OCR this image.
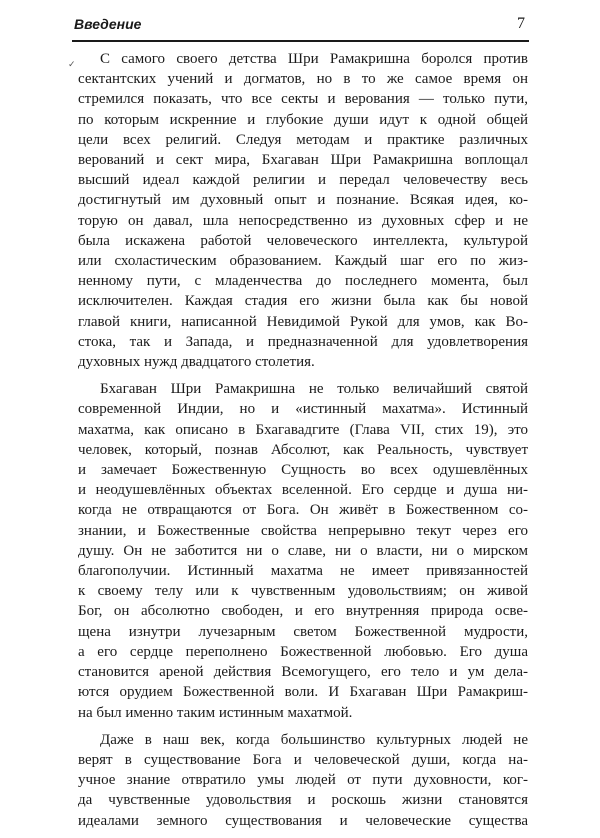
Введение	7
✓	С самого своего детства Шри Рамакришна боролся против
сектантских учений и догматов, но в то же самое время он
стремился показать, что все секты и верования — только пути,
по которым искренние и глубокие души идут к одной общей
цели всех религий. Следуя методам и практике различных
верований и сект мира, Бхагаван Шри Рамакришна воплощал
высший идеал каждой религии и передал человечеству весь
достигнутый им духовный опыт и познание. Всякая идея, ко-
торую он давал, шла непосредственно из духовных сфер и не
была искажена работой человеческого интеллекта, культурой
или схоластическим образованием. Каждый шаг его по жиз-
ненному пути, с младенчества до последнего момента, был
исключителен. Каждая стадия его жизни была как бы новой
главой книги, написанной Невидимой Рукой для умов, как Во-
стока, так и Запада, и предназначенной для удовлетворения
духовных нужд двадцатого столетия.
Бхагаван Шри Рамакришна не только величайший святой
современной Индии, но и «истинный махатма». Истинный
махатма, как описано в Бхагавадгите (Глава VII, стих 19), это
человек, который, познав Абсолют, как Реальность, чувствует
и замечает Божественную Сущность во всех одушевлённых
и неодушевлённых объектах вселенной. Его сердце и душа ни-
когда не отвращаются от Бога. Он живёт в Божественном со-
знании, и Божественные свойства непрерывно текут через его
душу. Он не заботится ни о славе, ни о власти, ни о мирском
благополучии. Истинный махатма не имеет привязанностей
к своему телу или к чувственным удовольствиям; он живой
Бог, он абсолютно свободен, и его внутренняя природа осве-
щена изнутри лучезарным светом Божественной мудрости,
а его сердце переполнено Божественной любовью. Его душа
становится ареной действия Всемогущего, его тело и ум делa-
ются орудием Божественной воли. И Бхагаван Шри Рамакриш-
на был именно таким истинным махатмой.
Даже в наш век, когда большинство культурных людей не
верят в существование Бога и человеческой души, когда на-
учное знание отвратило умы людей от пути духовности, ког-
да чувственные удовольствия и роскошь жизни становятся
идеалами земного существования и человеческие существа
